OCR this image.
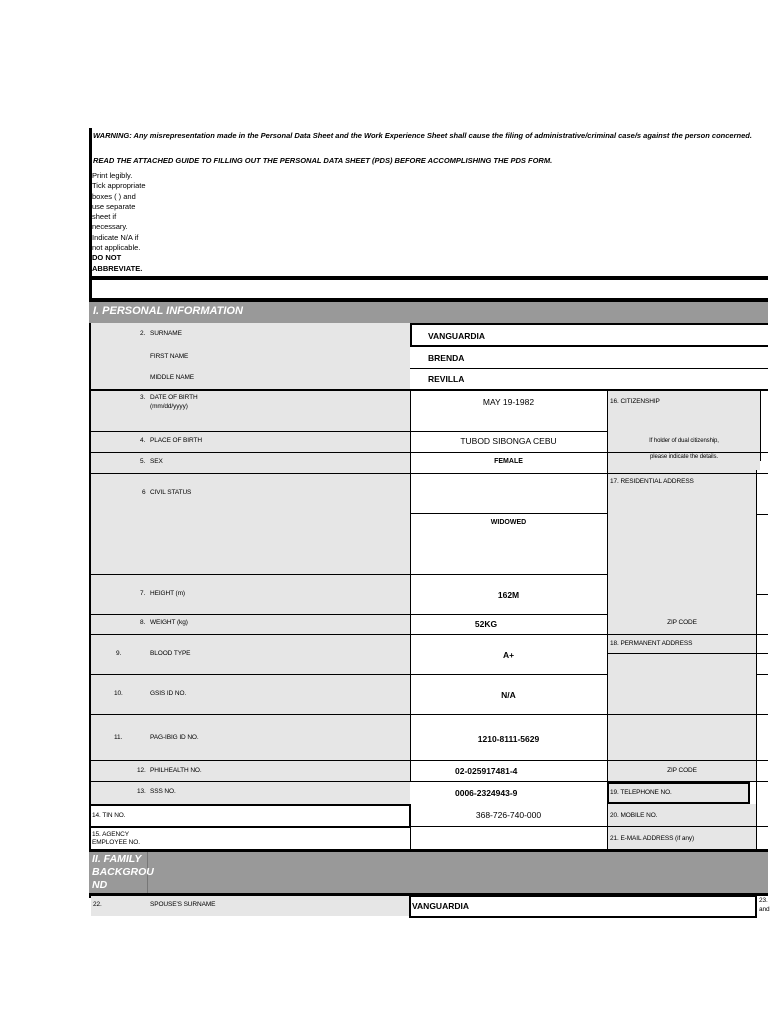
WARNING: Any misrepresentation made in the Personal Data Sheet and the Work Experience Sheet shall cause the filing of administrative/criminal case/s against the person concerned.
READ THE ATTACHED GUIDE TO FILLING OUT THE PERSONAL DATA SHEET (PDS) BEFORE ACCOMPLISHING THE PDS FORM.
Print legibly.
Tick appropriate
boxes ( ) and
use separate
sheet if
necessary.
Indicate N/A if
not applicable.
DO NOT
ABBREVIATE.
I. PERSONAL INFORMATION
2. SURNAME	VANGUARDIA
FIRST NAME	BRENDA
MIDDLE NAME	REVILLA
3. DATE OF BIRTH
(mm/dd/yyyy)	MAY 19-1982
4. PLACE OF BIRTH	TUBOD SIBONGA CEBU
5. SEX	FEMALE
6 CIVIL STATUS
WIDOWED
7. HEIGHT (m)	162M
8. WEIGHT (kg)	52KG
9.	BLOOD TYPE	A+
10.	GSIS ID NO.	N/A
11.	PAG-IBIG ID NO.	1210-8111-5629
12. PHILHEALTH NO.	02-025917481-4
13. SSS NO.	0006-2324943-9
14. TIN NO.	368-726-740-000
15. AGENCY
EMPLOYEE NO.
16. CITIZENSHIP
If holder of dual citizenship,
please indicate the details.
17. RESIDENTIAL ADDRESS
ZIP CODE
18. PERMANENT ADDRESS
ZIP CODE
19. TELEPHONE NO.
20. MOBILE NO.
21. E-MAIL ADDRESS (if any)
II. FAMILY
BACKGROU
ND
22.	SPOUSE'S SURNAME	VANGUARDIA
23.
and
